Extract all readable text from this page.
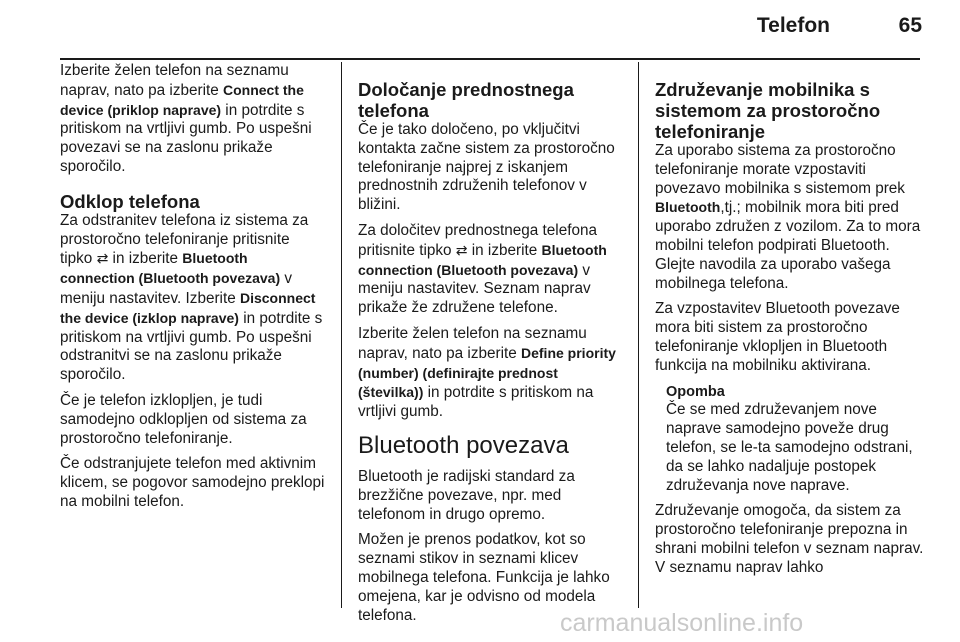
Telefon	65

Izberite želen telefon na seznamu naprav, nato pa izberite Connect the device (priklop naprave) in potrdite s pritiskom na vrtljivi gumb. Po uspešni povezavi se na zaslonu prikaže sporočilo.

Odklop telefona

Za odstranitev telefona iz sistema za prostoročno telefoniranje pritisnite tipko ⇄ in izberite Bluetooth connection (Bluetooth povezava) v meniju nastavitev. Izberite Disconnect the device (izklop naprave) in potrdite s pritiskom na vrtljivi gumb. Po uspešni odstranitvi se na zaslonu prikaže sporočilo.

Če je telefon izklopljen, je tudi samodejno odklopljen od sistema za prostoročno telefoniranje.

Če odstranjujete telefon med aktivnim klicem, se pogovor samodejno preklopi na mobilni telefon.

Določanje prednostnega telefona

Če je tako določeno, po vključitvi kontakta začne sistem za prostoročno telefoniranje najprej z iskanjem prednostnih združenih telefonov v bližini.

Za določitev prednostnega telefona pritisnite tipko ⇄ in izberite Bluetooth connection (Bluetooth povezava) v meniju nastavitev. Seznam naprav prikaže že združene telefone.

Izberite želen telefon na seznamu naprav, nato pa izberite Define priority (number) (definirajte prednost (številka)) in potrdite s pritiskom na vrtljivi gumb.

Bluetooth povezava

Bluetooth je radijski standard za brezžične povezave, npr. med telefonom in drugo opremo.

Možen je prenos podatkov, kot so seznami stikov in seznami klicev mobilnega telefona. Funkcija je lahko omejena, kar je odvisno od modela telefona.

Združevanje mobilnika s sistemom za prostoročno telefoniranje

Za uporabo sistema za prostoročno telefoniranje morate vzpostaviti povezavo mobilnika s sistemom prek Bluetooth,tj.; mobilnik mora biti pred uporabo združen z vozilom. Za to mora mobilni telefon podpirati Bluetooth. Glejte navodila za uporabo vašega mobilnega telefona.

Za vzpostavitev Bluetooth povezave mora biti sistem za prostoročno telefoniranje vklopljen in Bluetooth funkcija na mobilniku aktivirana.

Opomba

Če se med združevanjem nove naprave samodejno poveže drug telefon, se le-ta samodejno odstrani, da se lahko nadaljuje postopek združevanja nove naprave.

Združevanje omogoča, da sistem za prostoročno telefoniranje prepozna in shrani mobilni telefon v seznam naprav. V seznamu naprav lahko

carmanualsonline.info
